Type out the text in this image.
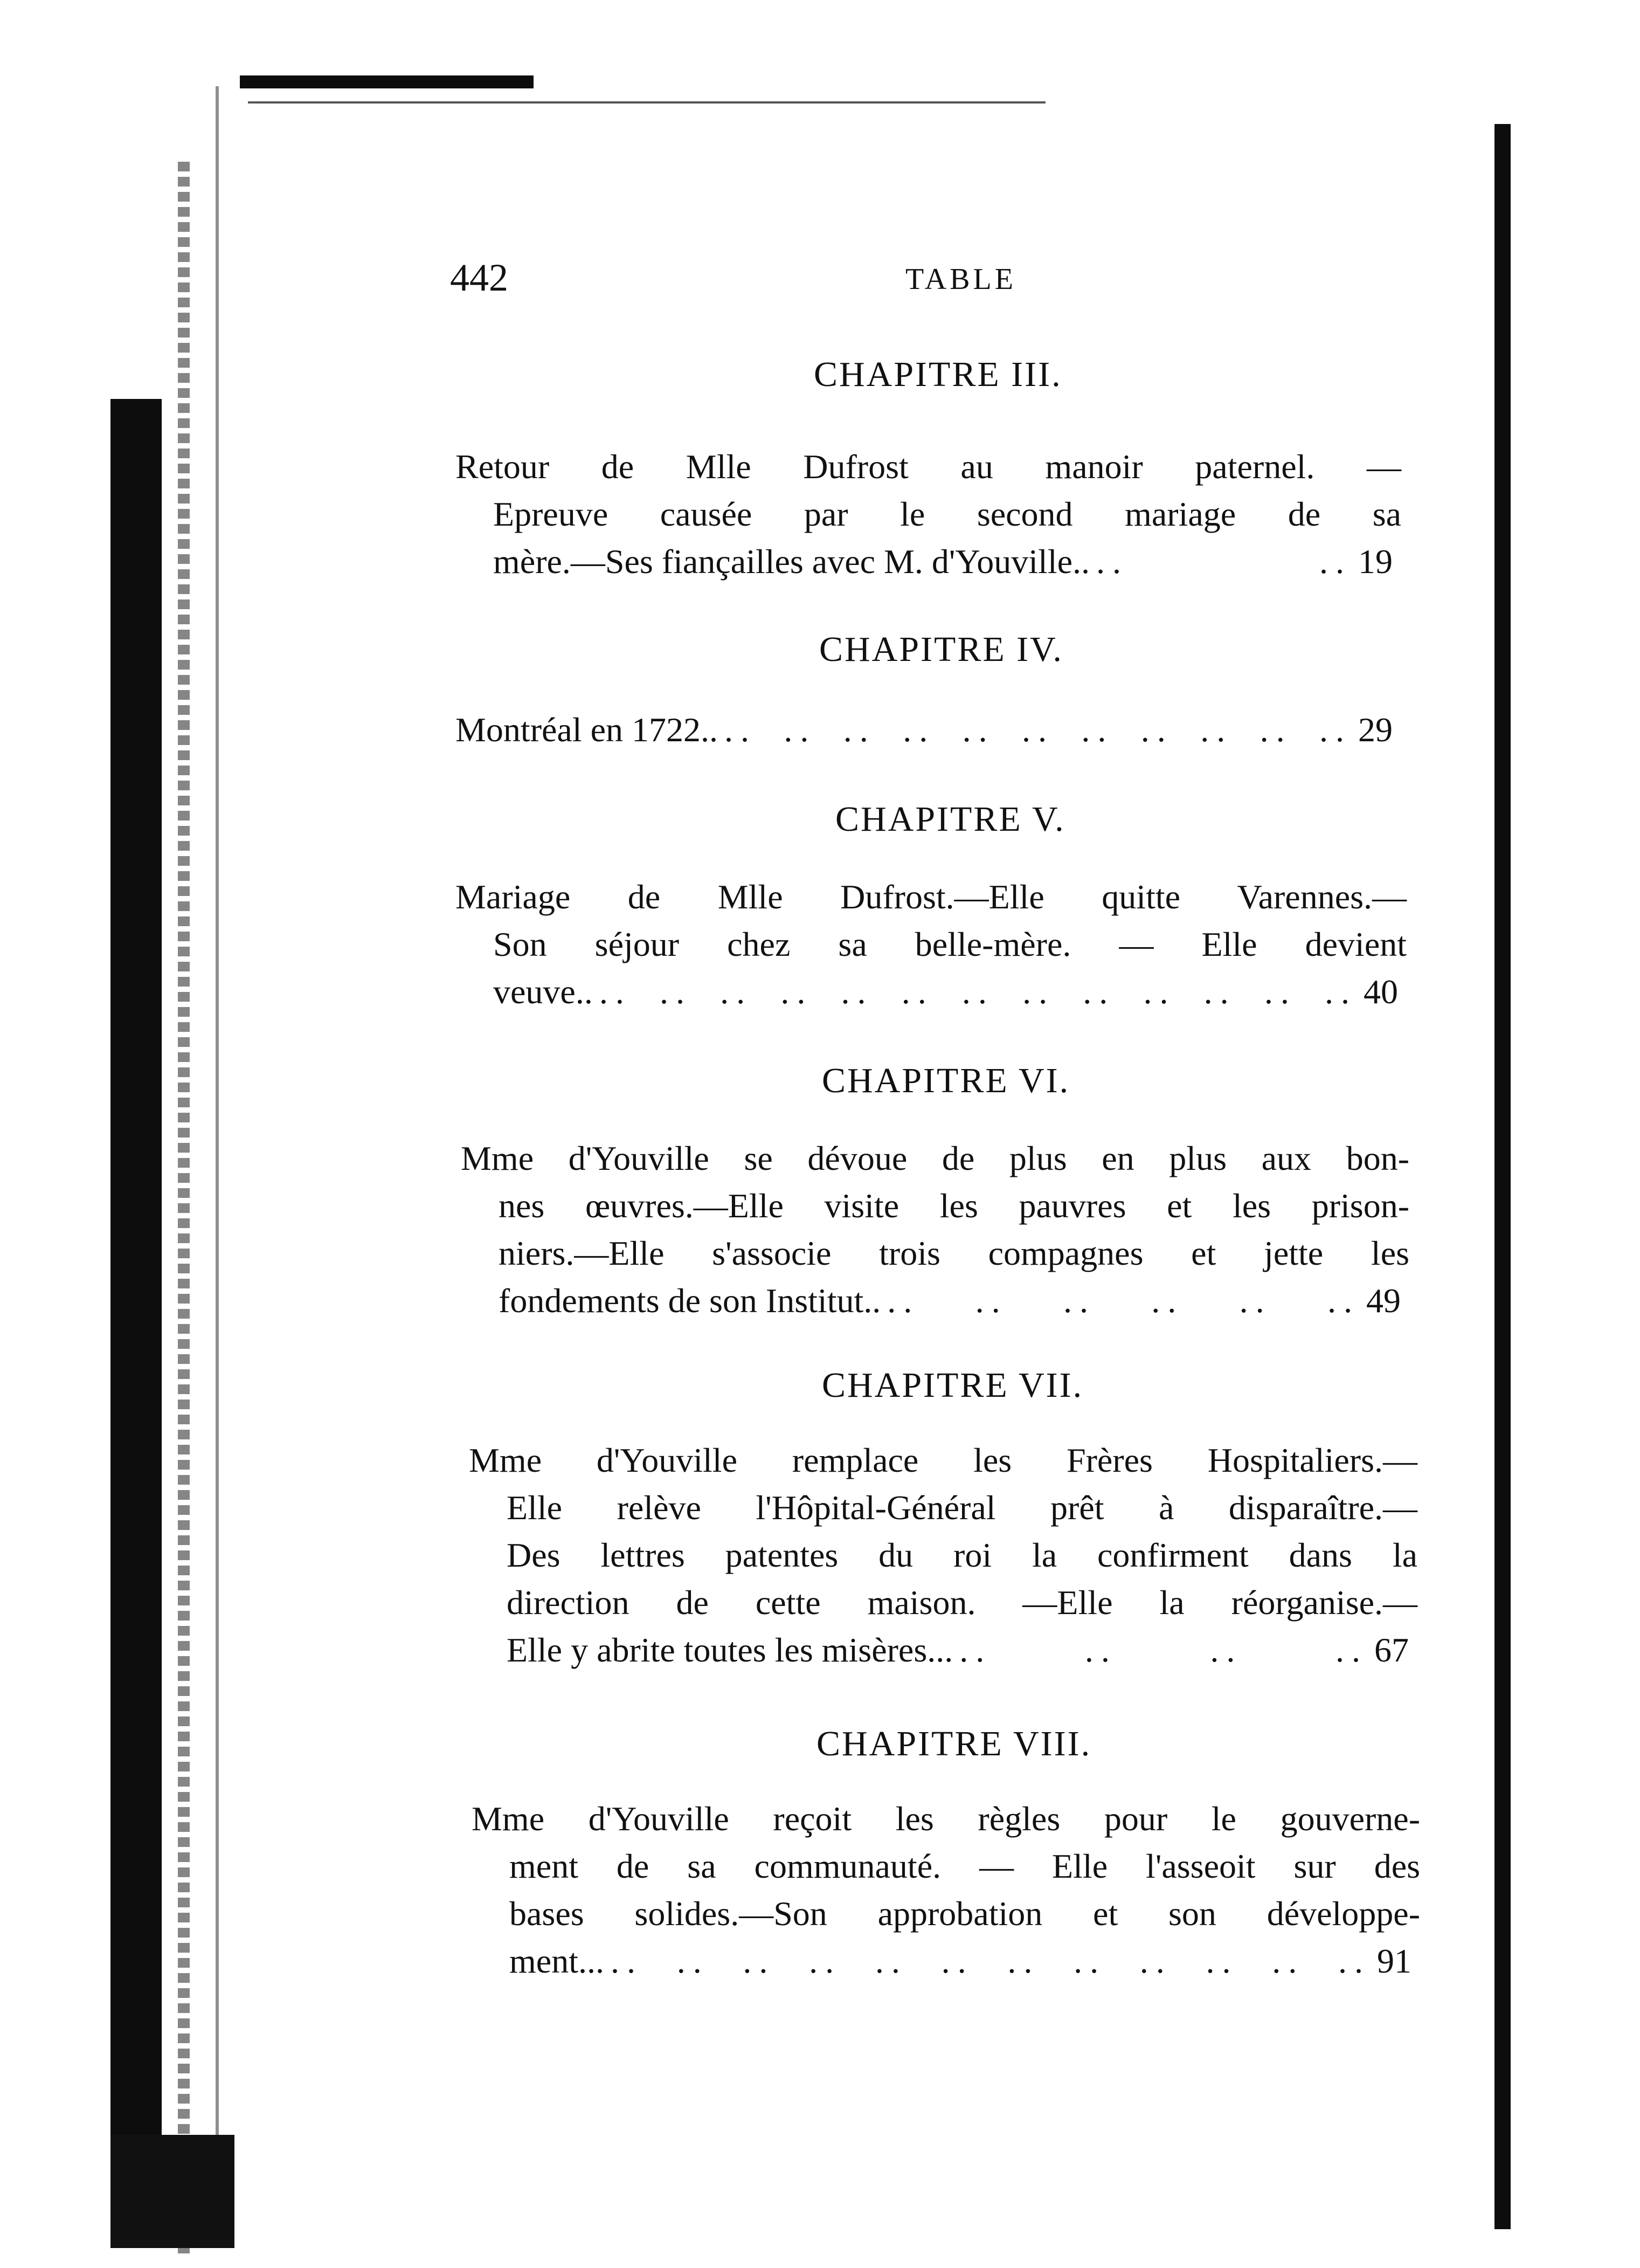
442	TABLE
CHAPITRE III.
Retour de Mlle Dufrost au manoir paternel. —
Epreuve causée par le second mariage de sa
mère.—Ses fiançailles avec M. d'Youville.. .. .. 19
CHAPITRE IV.
Montréal en 1722.. .. .. .. .. .. .. .. .. .. .. .. 29
CHAPITRE V.
Mariage de Mlle Dufrost.—Elle quitte Varennes.—
Son séjour chez sa belle-mère. — Elle devient
veuve.. .. .. .. .. .. .. .. .. .. .. .. .. .. 40
CHAPITRE VI.
Mme d'Youville se dévoue de plus en plus aux bon-
nes œuvres.—Elle visite les pauvres et les prison-
niers.—Elle s'associe trois compagnes et jette les
fondements de son Institut.. .. .. .. .. .. .. 49
CHAPITRE VII.
Mme d'Youville remplace les Frères Hospitaliers.—
Elle relève l'Hôpital-Général prêt à disparaître.—
Des lettres patentes du roi la confirment dans la
direction de cette maison. —Elle la réorganise.—
Elle y abrite toutes les misères... .. .. .. .. 67
CHAPITRE VIII.
Mme d'Youville reçoit les règles pour le gouverne-
ment de sa communauté. — Elle l'asseoit sur des
bases solides.—Son approbation et son développe-
ment... .. .. .. .. .. .. .. .. .. .. .. .. 91
